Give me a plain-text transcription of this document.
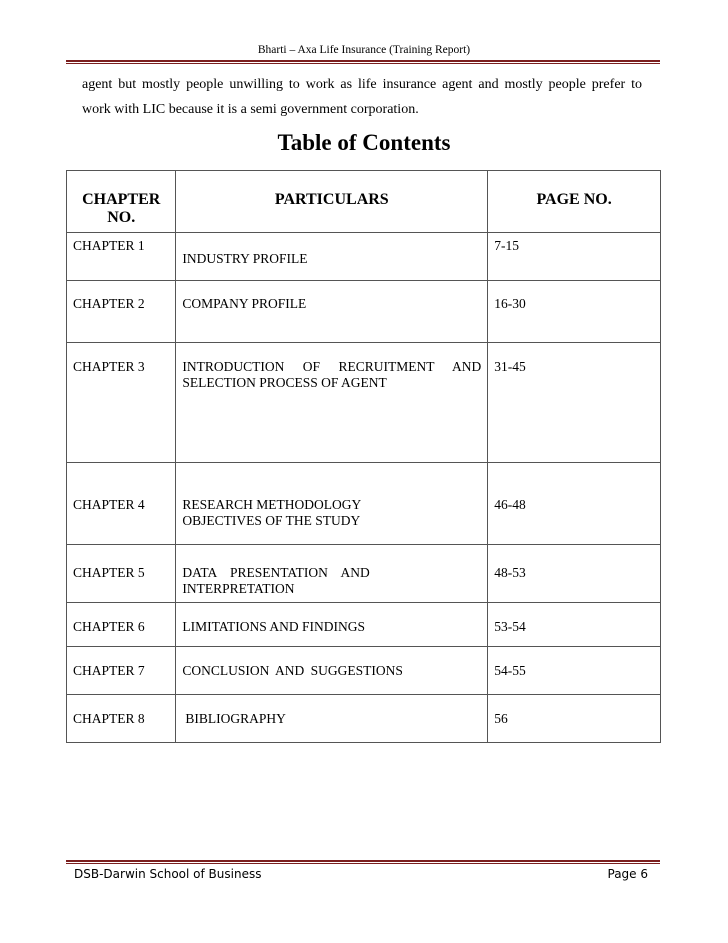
Bharti – Axa Life Insurance (Training Report)
agent but mostly people unwilling to work as life insurance agent and mostly people prefer to
work with LIC because it is a semi government corporation.
Table of Contents
CHAPTER NO.	PARTICULARS	PAGE NO.
CHAPTER 1	INDUSTRY PROFILE	7-15
CHAPTER 2	COMPANY PROFILE	16-30
CHAPTER 3	INTRODUCTION OF RECRUITMENT AND
SELECTION PROCESS OF AGENT	31-45
CHAPTER 4	RESEARCH METHODOLOGY
OBJECTIVES OF THE STUDY	46-48
CHAPTER 5	DATA PRESENTATION AND
INTERPRETATION	48-53
CHAPTER 6	LIMITATIONS AND FINDINGS	53-54
CHAPTER 7	CONCLUSION AND SUGGESTIONS	54-55
CHAPTER 8	BIBLIOGRAPHY	56
DSB-Darwin School of Business	Page 6
